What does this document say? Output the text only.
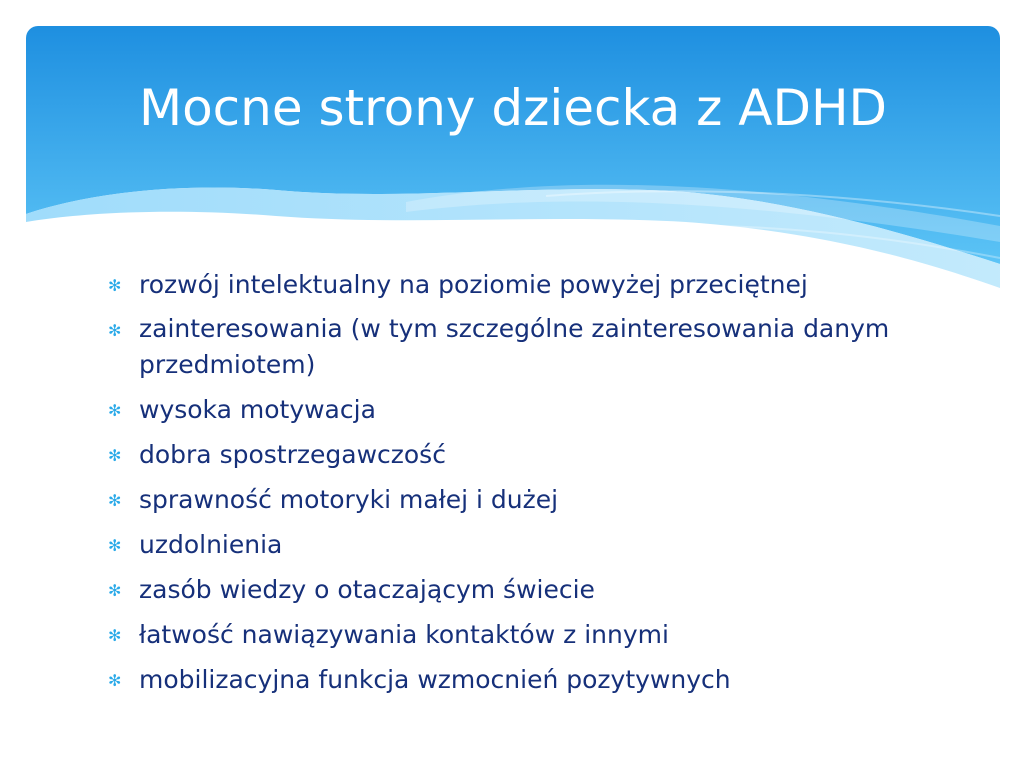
Mocne strony dziecka z ADHD
✻ rozwój intelektualny na poziomie powyżej przeciętnej
✻ zainteresowania (w tym szczególne zainteresowania danym przedmiotem)
✻ wysoka motywacja
✻ dobra spostrzegawczość
✻ sprawność motoryki małej i dużej
✻ uzdolnienia
✻ zasób wiedzy o otaczającym świecie
✻ łatwość nawiązywania kontaktów z innymi
✻ mobilizacyjna funkcja wzmocnień pozytywnych
